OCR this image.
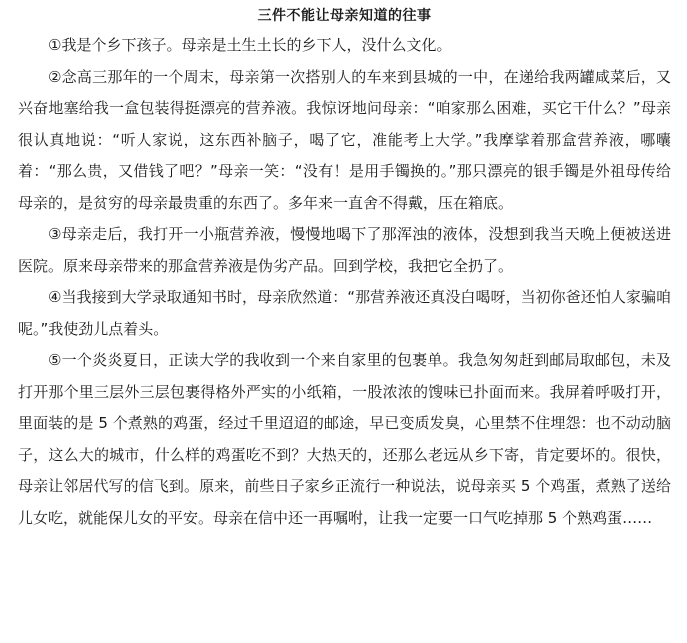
三件不能让母亲知道的往事

①我是个乡下孩子。母亲是土生土长的乡下人，没什么文化。

②念高三那年的一个周末，母亲第一次搭别人的车来到县城的一中，在递给我两罐咸菜后，又兴奋地塞给我一盒包装得挺漂亮的营养液。我惊讶地问母亲：“咱家那么困难，买它干什么？”母亲很认真地说：“听人家说，这东西补脑子，喝了它，准能考上大学。”我摩挲着那盒营养液，哪囔着：“那么贵，又借钱了吧？”母亲一笑：“没有！是用手镯换的。”那只漂亮的银手镯是外祖母传给母亲的，是贫穷的母亲最贵重的东西了。多年来一直舍不得戴，压在箱底。

③母亲走后，我打开一小瓶营养液，慢慢地喝下了那浑浊的液体，没想到我当天晚上便被送进医院。原来母亲带来的那盒营养液是伪劣产品。回到学校，我把它全扔了。

④当我接到大学录取通知书时，母亲欣然道：“那营养液还真没白喝呀，当初你爸还怕人家骗咱呢。”我使劲儿点着头。

⑤一个炎炎夏日，正读大学的我收到一个来自家里的包裹单。我急匆匆赶到邮局取邮包，未及打开那个里三层外三层包裹得格外严实的小纸箱，一股浓浓的馊味已扑面而来。我屏着呼吸打开，里面装的是 5 个煮熟的鸡蛋，经过千里迢迢的邮途，早已变质发臭，心里禁不住埋怨：也不动动脑子，这么大的城市，什么样的鸡蛋吃不到？大热天的，还那么老远从乡下寄，肯定要坏的。很快，母亲让邻居代写的信飞到。原来，前些日子家乡正流行一种说法，说母亲买 5 个鸡蛋，煮熟了送给儿女吃，就能保儿女的平安。母亲在信中还一再嘱咐，让我一定要一口气吃掉那 5 个熟鸡蛋……
